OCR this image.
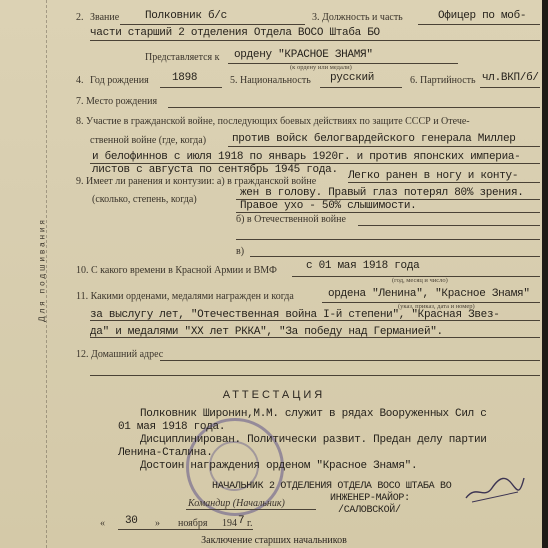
2. Звание Полковник б/с	3. Должность и часть	Офицер по моб-
части старший 2 отделения Отдела ВОСО Штаба БО
Представляется к ордену "КРАСНОЕ ЗНАМЯ"
(к ордену или медали)
4. Год рождения 1898	5. Национальность русский	6. Партийность чл.ВКП/б/
7. Место рождения
8. Участие в гражданской войне, последующих боевых действиях по защите СССР и Отече-
ственной войне (где, когда) против войск белогвардейского генерала Миллер
и белофиннов с июля 1918 по январь 1920г. и против японских империа-
листов с августа по сентябрь 1945 года.
9. Имеет ли ранения и контузии: а) в гражданской войне	Легко ранен в ногу и конту-
(сколько, степень, когда)
жен в голову. Правый глаз потерял 80% зрения.
Правое ухо - 50% слышимости.
б) в Отечественной войне
в)
10. С какого времени в Красной Армии и ВМФ	с 01 мая 1918 года
(год, месяц и число)
11. Какими орденами, медалями награжден и когда	ордена "Ленина", "Красное Знамя"
(указ, приказ, дата и номер)
за выслугу лет, "Отечественная война I-й степени", "Красная Звез-
да" и медалями "XX лет РККА", "За победу над Германией".
12. Домашний адрес
Для подшивания
АТТЕСТАЦИЯ
Полковник Широнин,М.М. служит в рядах Вооруженных Сил с
01 мая 1918 года.
Дисциплинирован. Политически развит. Предан делу партии
Ленина-Сталина.
Достоин награждения орденом "Красное Знамя".
НАЧАЛЬНИК 2 ОТДЕЛЕНИЯ ОТДЕЛА ВОСО ШТАБА ВО
ИНЖЕНЕР-МАЙОР:
/САЛОВСКОЙ/
Командир (Начальник)
« 30 » ноября 194 7 г.
Заключение старших начальников
